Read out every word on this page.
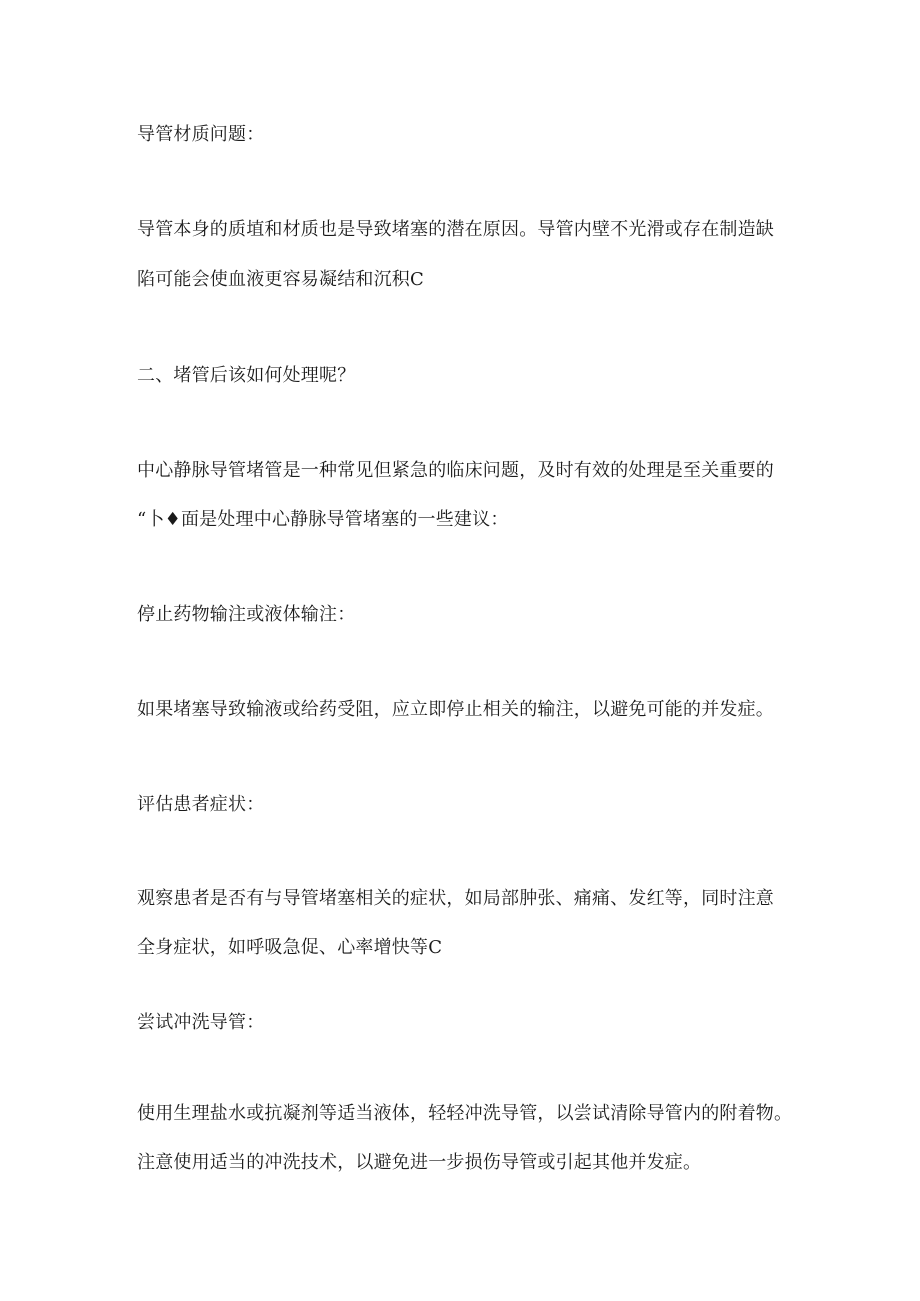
导管材质问题：
导管本身的质埴和材质也是导致堵塞的潜在原因。导管内壁不光滑或存在制造缺
陷可能会使血液更容易凝结和沉积C
二、堵管后该如何处理呢？
中心静脉导管堵管是一种常见但紧急的临床问题，及时有效的处理是至关重要的
“卜♦面是处理中心静脉导管堵塞的一些建议：
停止药物输注或液体输注：
如果堵塞导致输液或给药受阻，应立即停止相关的输注，以避免可能的并发症。
评估患者症状：
观察患者是否有与导管堵塞相关的症状，如局部肿张、痛痛、发红等，同时注意
全身症状，如呼吸急促、心率增快等C
尝试冲洗导管：
使用生理盐水或抗凝剂等适当液体，轻轻冲洗导管，以尝试清除导管内的附着物。
注意使用适当的冲洗技术，以避免进一步损伤导管或引起其他并发症。
